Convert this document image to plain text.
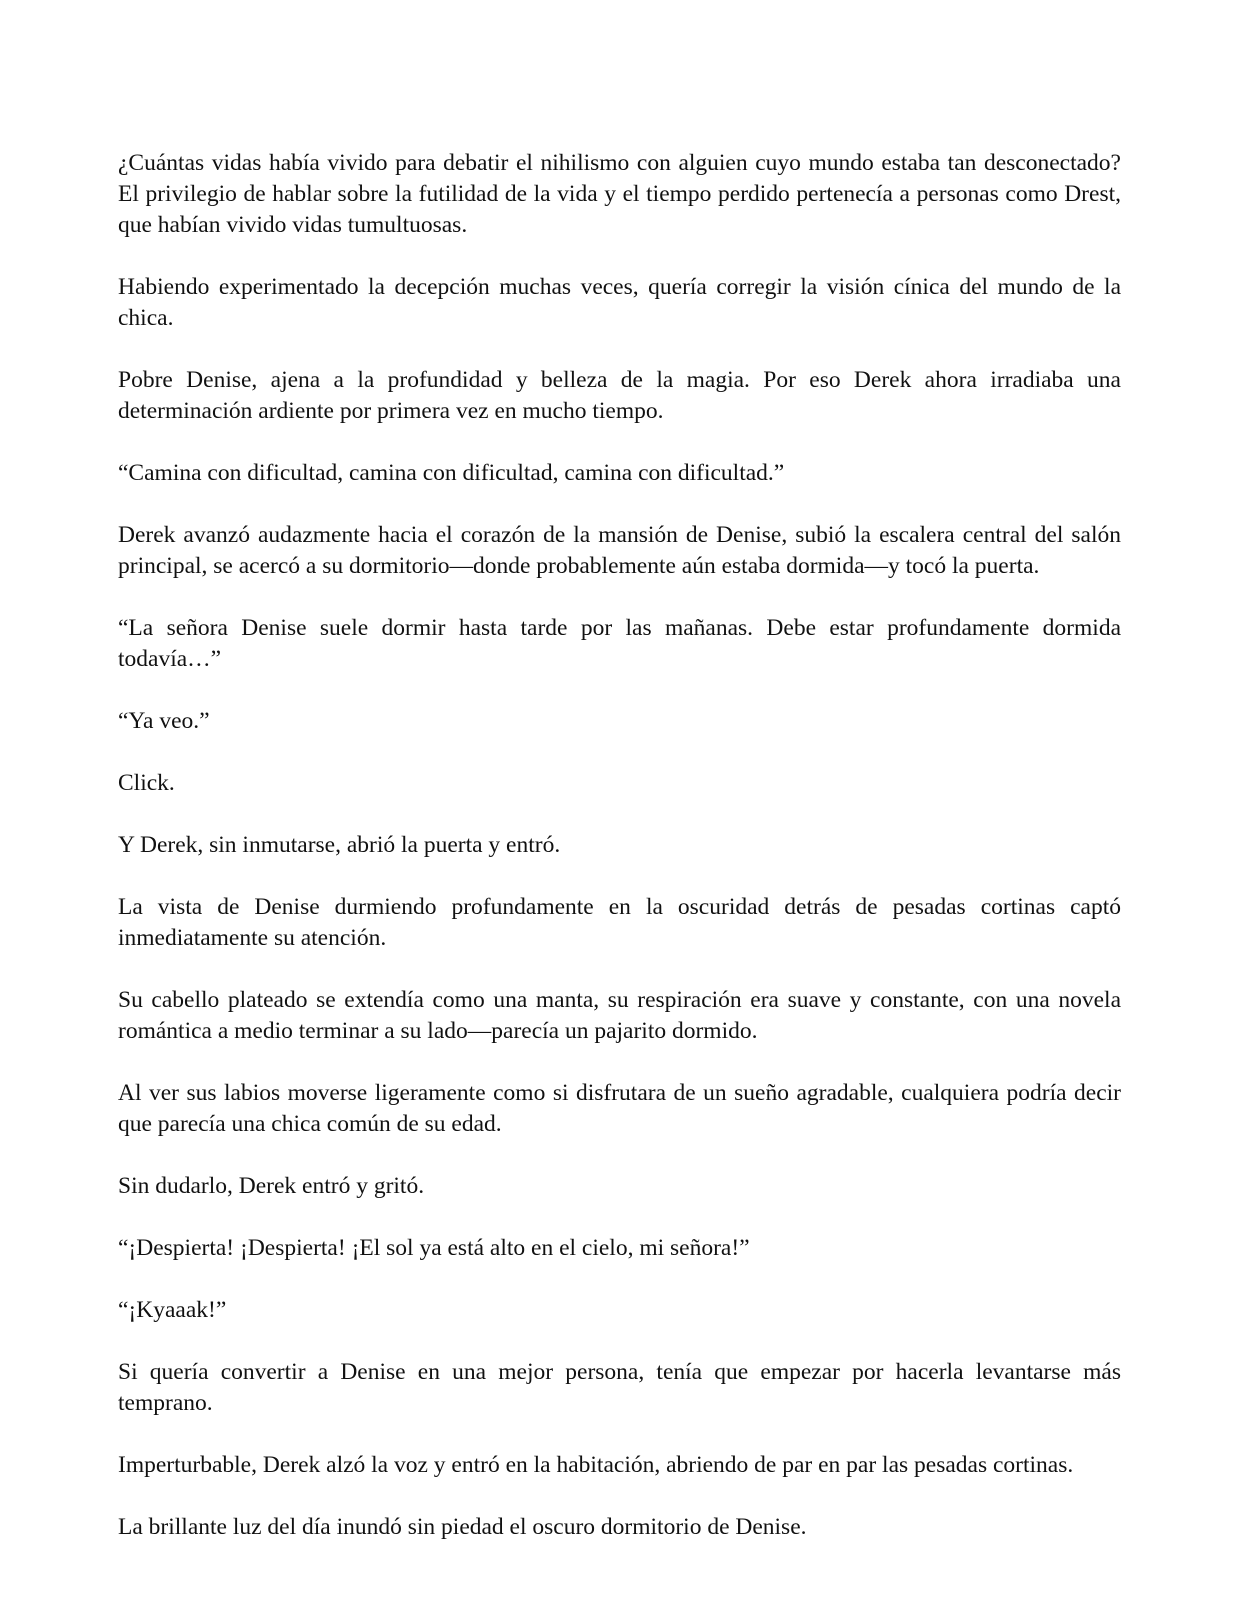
¿Cuántas vidas había vivido para debatir el nihilismo con alguien cuyo mundo estaba tan desconectado? El privilegio de hablar sobre la futilidad de la vida y el tiempo perdido pertenecía a personas como Drest, que habían vivido vidas tumultuosas.

Habiendo experimentado la decepción muchas veces, quería corregir la visión cínica del mundo de la chica.

Pobre Denise, ajena a la profundidad y belleza de la magia. Por eso Derek ahora irradiaba una determinación ardiente por primera vez en mucho tiempo.

“Camina con dificultad, camina con dificultad, camina con dificultad.”

Derek avanzó audazmente hacia el corazón de la mansión de Denise, subió la escalera central del salón principal, se acercó a su dormitorio—donde probablemente aún estaba dormida—y tocó la puerta.

“La señora Denise suele dormir hasta tarde por las mañanas. Debe estar profundamente dormida todavía…”

“Ya veo.”

Click.

Y Derek, sin inmutarse, abrió la puerta y entró.

La vista de Denise durmiendo profundamente en la oscuridad detrás de pesadas cortinas captó inmediatamente su atención.

Su cabello plateado se extendía como una manta, su respiración era suave y constante, con una novela romántica a medio terminar a su lado—parecía un pajarito dormido.

Al ver sus labios moverse ligeramente como si disfrutara de un sueño agradable, cualquiera podría decir que parecía una chica común de su edad.

Sin dudarlo, Derek entró y gritó.

“¡Despierta! ¡Despierta! ¡El sol ya está alto en el cielo, mi señora!”

“¡Kyaaak!”

Si quería convertir a Denise en una mejor persona, tenía que empezar por hacerla levantarse más temprano.

Imperturbable, Derek alzó la voz y entró en la habitación, abriendo de par en par las pesadas cortinas.

La brillante luz del día inundó sin piedad el oscuro dormitorio de Denise.
